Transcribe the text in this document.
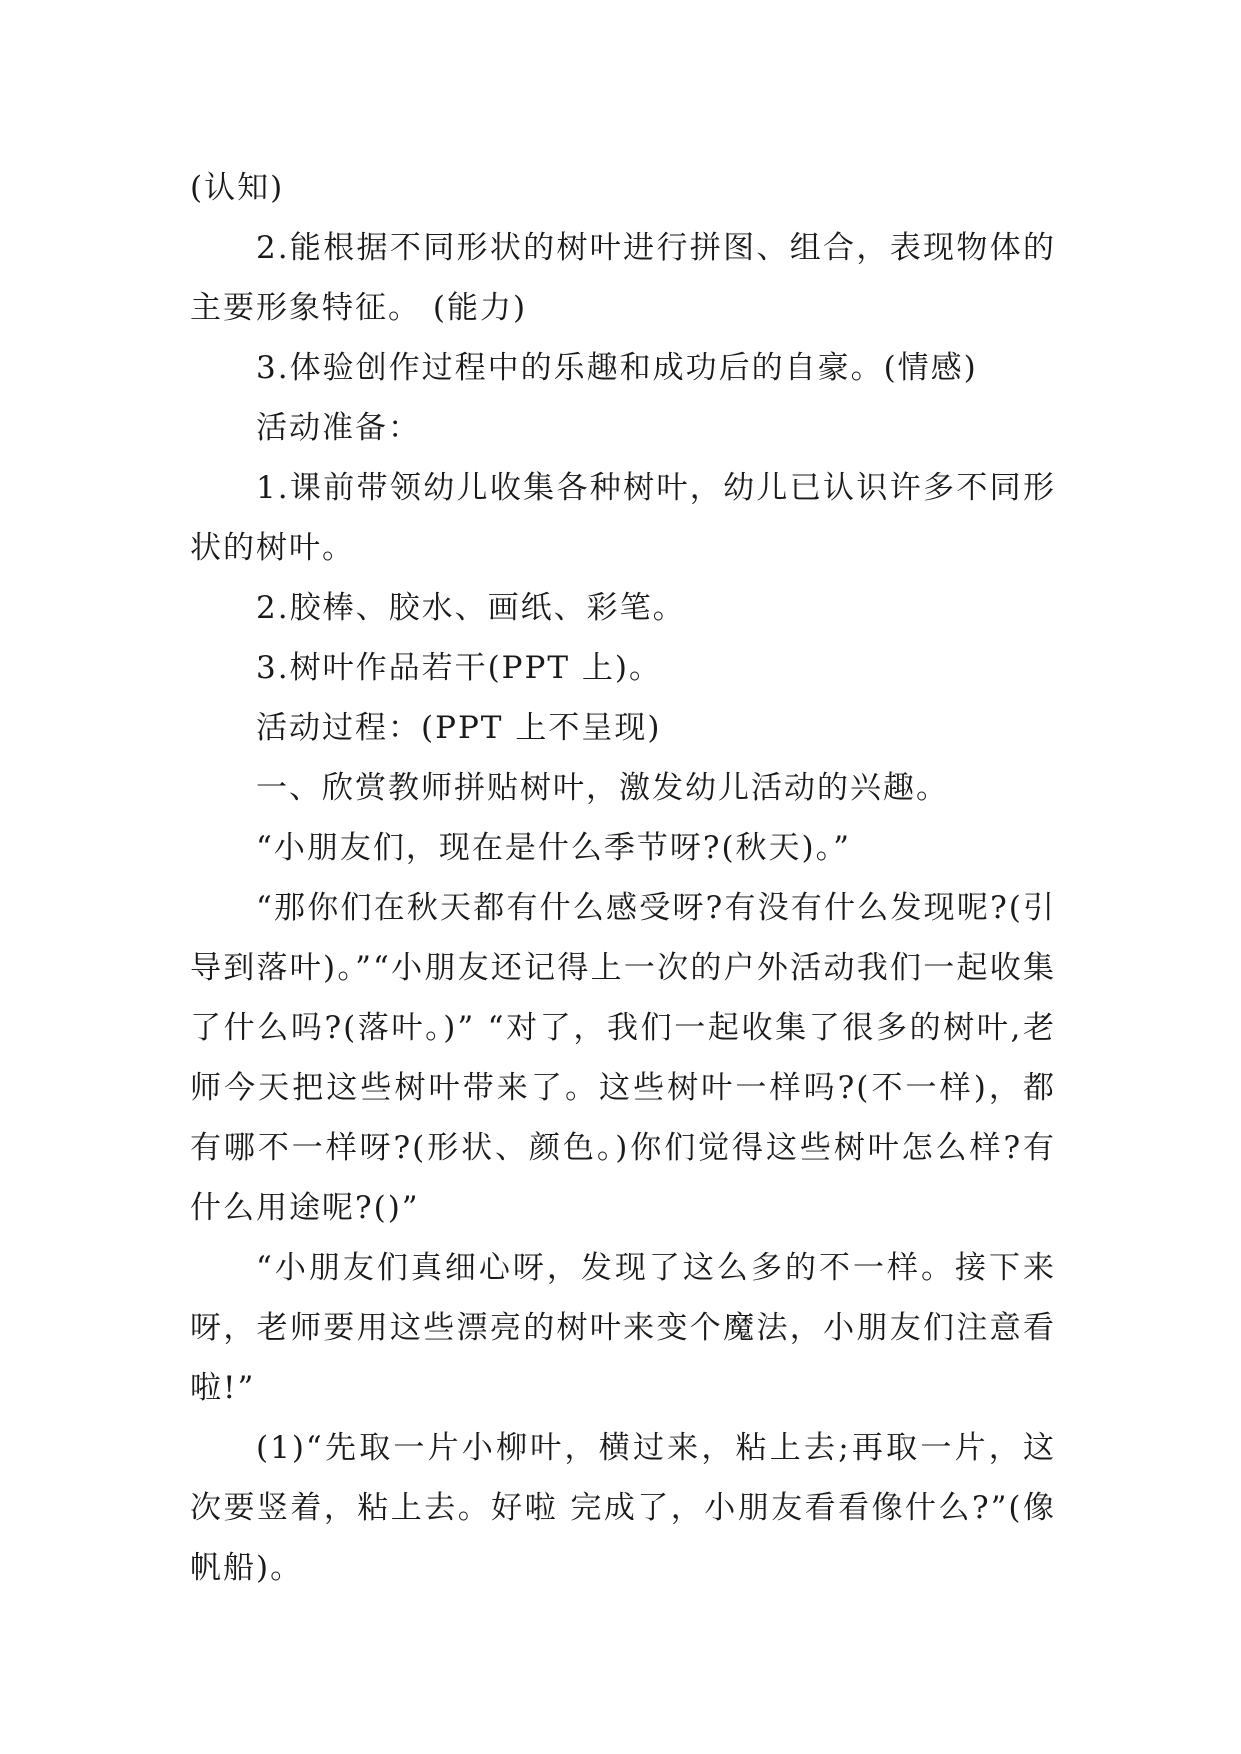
(认知)

2.能根据不同形状的树叶进行拼图、组合，表现物体的主要形象特征。 (能力)

3.体验创作过程中的乐趣和成功后的自豪。(情感)

活动准备：

1.课前带领幼儿收集各种树叶，幼儿已认识许多不同形状的树叶。

2.胶棒、胶水、画纸、彩笔。

3.树叶作品若干(PPT 上)。

活动过程：(PPT 上不呈现)

一、欣赏教师拼贴树叶，激发幼儿活动的兴趣。

“小朋友们，现在是什么季节呀?(秋天)。”

“那你们在秋天都有什么感受呀?有没有什么发现呢?(引导到落叶)。”“小朋友还记得上一次的户外活动我们一起收集了什么吗?(落叶。)” “对了，我们一起收集了很多的树叶,老师今天把这些树叶带来了。这些树叶一样吗?(不一样)，都有哪不一样呀?(形状、颜色。)你们觉得这些树叶怎么样?有什么用途呢?()”

“小朋友们真细心呀，发现了这么多的不一样。接下来呀，老师要用这些漂亮的树叶来变个魔法，小朋友们注意看啦!”

(1)“先取一片小柳叶，横过来，粘上去;再取一片，这次要竖着，粘上去。好啦 完成了，小朋友看看像什么?”(像帆船)。
